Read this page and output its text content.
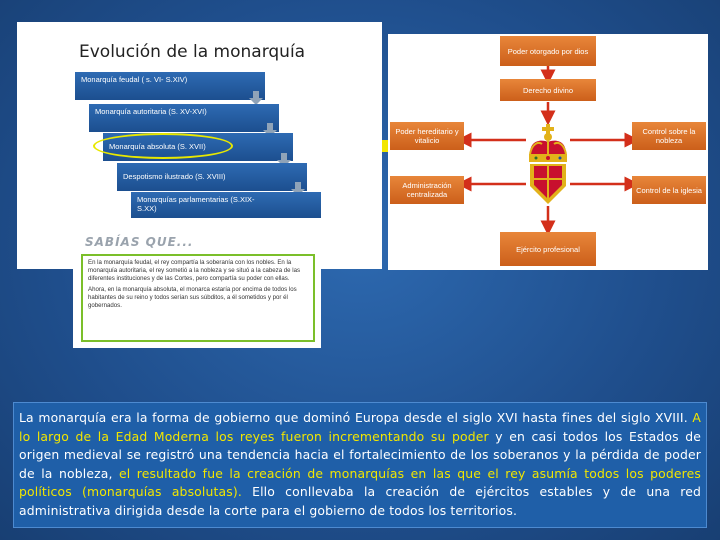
Evolución de la monarquía
Monarquía feudal ( s. VI- S.XIV)
Monarquía autoritaria (S. XV-XVI)
Monarquía absoluta (S. XVII)
Despotismo ilustrado (S. XVIII)
Monarquías parlamentarias (S.XIX-S.XX)
SABÍAS QUE...

En la monarquía feudal, el rey compartía la soberanía con los nobles. En la monarquía autoritaria, el rey sometió a la nobleza y se situó a la cabeza de las diferentes instituciones y de las Cortes, pero compartía su poder con ellas.

Ahora, en la monarquía absoluta, el monarca estaría por encima de todos los habitantes de su reino y todos serían sus súbditos, a él sometidos y por él gobernados.

Poder otorgado por dios
Derecho divino
Poder hereditario y vitalicio
Administración centralizada
Control sobre la nobleza
Control de la iglesia
Ejército profesional
La monarquía era la forma de gobierno que dominó Europa desde el siglo XVI hasta fines del siglo XVIII. A lo largo de la Edad Moderna los reyes fueron incrementando su poder y en casi todos los Estados de origen medieval se registró una tendencia hacia el fortalecimiento de los soberanos y la pérdida de poder de la nobleza, el resultado fue la creación de monarquías en las que el rey asumía todos los poderes políticos (monarquías absolutas). Ello conllevaba la creación de ejércitos estables y de una red administrativa dirigida desde la corte para el gobierno de todos los territorios.
